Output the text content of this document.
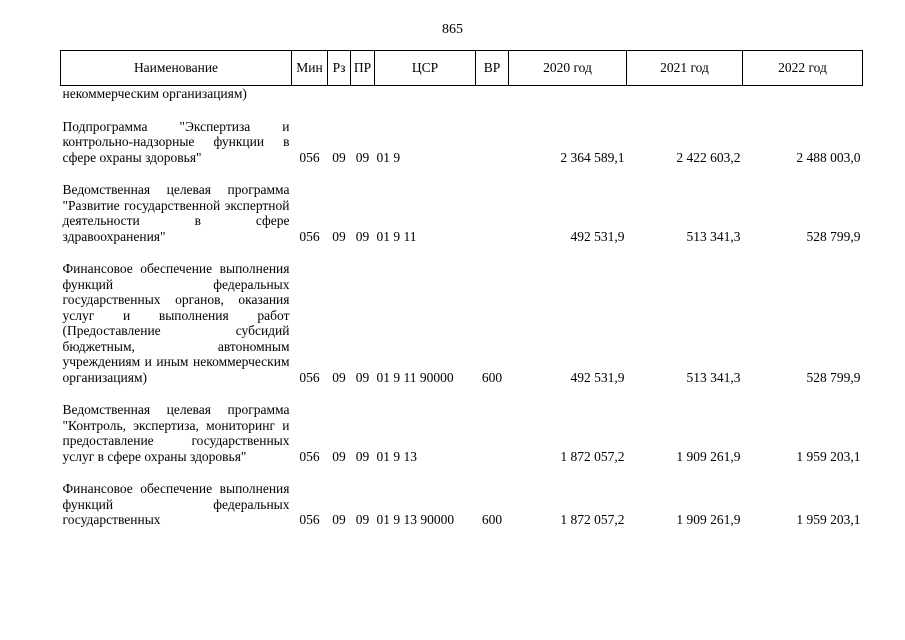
865
Наименование	Мин	Рз	ПР	ЦСР	ВР	2020 год	2021 год	2022 год
некоммерческим организациям)								

Подпрограмма "Экспертиза и контрольно-надзорные функции в сфере охраны здоровья"	056	09	09	01 9		2 364 589,1	2 422 603,2	2 488 003,0

Ведомственная целевая программа "Развитие государственной экспертной деятельности в сфере здравоохранения"	056	09	09	01 9 11		492 531,9	513 341,3	528 799,9

Финансовое обеспечение выполнения функций федеральных государственных органов, оказания услуг и выполнения работ (Предоставление субсидий бюджетным, автономным учреждениям и иным некоммерческим организациям)	056	09	09	01 9 11 90000	600	492 531,9	513 341,3	528 799,9

Ведомственная целевая программа "Контроль, экспертиза, мониторинг и предоставление государственных услуг в сфере охраны здоровья"	056	09	09	01 9 13		1 872 057,2	1 909 261,9	1 959 203,1

Финансовое обеспечение выполнения функций федеральных государственных	056	09	09	01 9 13 90000	600	1 872 057,2	1 909 261,9	1 959 203,1
